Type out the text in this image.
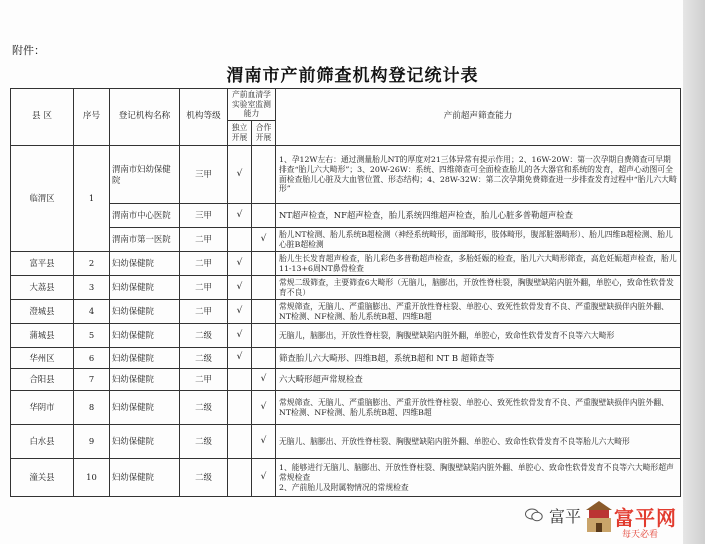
附件：
渭南市产前筛查机构登记统计表
县 区	序号	登记机构名称	机构等级	产前血清学实验室监测能力		产前超声筛查能力
				独立开展	合作开展	
临渭区	1	渭南市妇幼保健院	三甲	√		1、孕12W左右：通过测量胎儿NT的厚度对21三体异常有提示作用；2、16W-20W：第一次孕期自费筛查可早期排查“胎儿六大畸形”；3、20W-26W：系统、四维筛查可全面检查胎儿的各大器官和系统的发育，超声心动图可全面检查胎儿心脏及大血管位置、形态结构；4、28W-32W：第二次孕期免费筛查进一步排查发育过程中“胎儿六大畸形”
		渭南市中心医院	三甲	√		NT超声检查，NF超声检查，胎儿系统四维超声检查，胎儿心脏多普勒超声检查
		渭南市第一医院	二甲		√	胎儿NT检测、胎儿系统B超检测（神经系统畸形，面部畸形，肢体畸形，腹部脏器畸形）、胎儿四维B超检测、胎儿心脏B超检测
富平县	2	妇幼保健院	二甲	√		胎儿生长发育超声检查，胎儿彩色多普勒超声检查，多胎妊娠的检查，胎儿六大畸形筛查，高危妊娠超声检查，胎儿11-13+6周NT鼻骨检查
大荔县	3	妇幼保健院	二甲	√		常规二级筛查，主要筛查6大畸形（无脑儿，脑膨出，开放性脊柱裂，胸腹壁缺陷内脏外翻，单腔心，致命性软骨发育不良）
澄城县	4	妇幼保健院	二甲	√		常规筛查，无脑儿、严重脑膨出、严重开放性脊柱裂、单腔心、致死性软骨发育不良、严重腹壁缺损伴内脏外翻、NT检测、NF检测、胎儿系统B超、四维B超
蒲城县	5	妇幼保健院	二级	√		无脑儿，脑膨出，开放性脊柱裂，胸腹壁缺陷内脏外翻，单腔心，致命性软骨发育不良等六大畸形
华州区	6	妇幼保健院	二级	√		筛查胎儿六大畸形、四维B超，系统B超和 NT B 超筛查等
合阳县	7	妇幼保健院	二甲		√	六大畸形超声常规检查
华阴市	8	妇幼保健院	二级		√	常规筛查、无脑儿、严重脑膨出、严重开放性脊柱裂、单腔心、致死性软骨发育不良、严重腹壁缺损伴内脏外翻、NT检测、NF检测、胎儿系统B超、四维B超
白水县	9	妇幼保健院	二级		√	无脑儿、脑膨出、开放性脊柱裂、胸腹壁缺陷内脏外翻、单腔心、致命性软骨发育不良等胎儿六大畸形
潼关县	10	妇幼保健院	二级		√	1、能够进行无脑儿、脑膨出、开放性脊柱裂、胸腹壁缺陷内脏外翻、单腔心、致命性软骨发育不良等六大畸形超声常规检查
2、产前胎儿及附属物情况的常规检查
富平 富平网
每天必看
